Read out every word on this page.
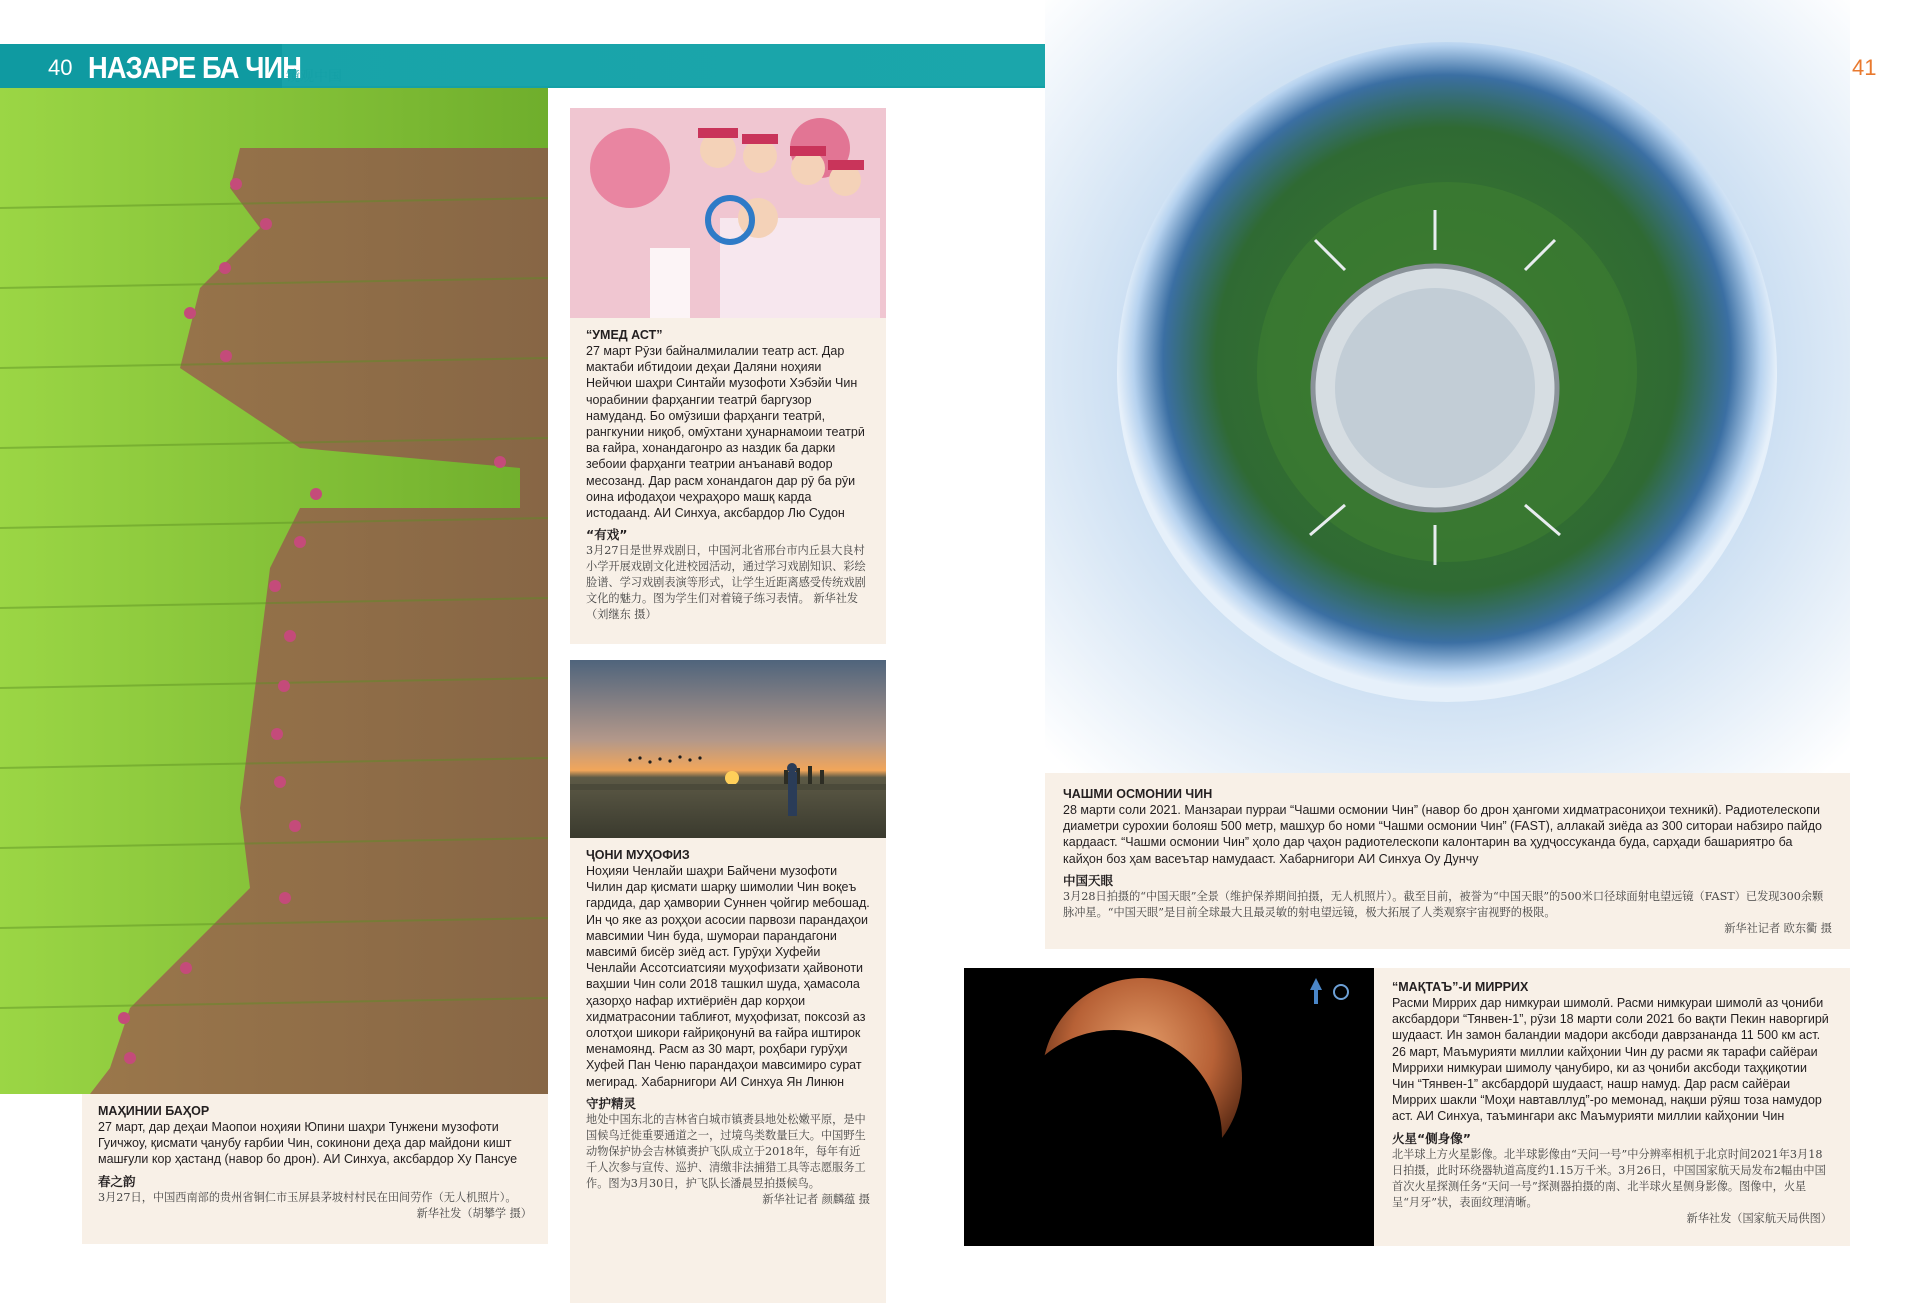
40 НАЗАРЕ БА ЧИН
镜观中国	41
МАҲИНИИ БАҲОР
27 март, дар деҳаи Маопои ноҳияи Юпини шаҳри Тунжени музофоти Гуичжоу, қисмати ҷанубу ғарбии Чин, сокинони деҳа дар майдони кишт машғули кор ҳастанд (навор бо дрон). АИ Синхуа, аксбардор Ху Пансуе
春之韵
3月27日，中国西南部的贵州省铜仁市玉屏县茅坡村村民在田间劳作（无人机照片）。
新华社发（胡攀学 摄）
“УМЕД АСТ”
27 март Рӯзи байналмилалии театр аст. Дар мактаби ибтидоии деҳаи Даляни ноҳияи Нейчюи шаҳри Синтайи музофоти Хэбэйи Чин чорабинии фарҳангии театрӣ баргузор намуданд. Бо омӯзиши фарҳанги театрӣ, рангкунии ниқоб, омӯхтани ҳунарнамоии театрӣ ва ғайра, хонандагонро аз наздик ба дарки зебоии фарҳанги театрии анъанавӣ водор месозанд. Дар расм хонандагон дар рӯ ба рӯи оина ифодаҳои чеҳраҳоро машқ карда истодаанд. АИ Синхуа, аксбардор Лю Судон
“有戏”
3月27日是世界戏剧日，中国河北省邢台市内丘县大良村小学开展戏剧文化进校园活动，通过学习戏剧知识、彩绘脸谱、学习戏剧表演等形式，让学生近距离感受传统戏剧文化的魅力。图为学生们对着镜子练习表情。 新华社发（刘继东 摄）
ҶОНИ МУҲОФИЗ
Ноҳияи Ченлайи шаҳри Байчени музофоти Чилин дар қисмати шарқу шимолии Чин воқеъ гардида, дар ҳамвории Суннен ҷойгир мебошад. Ин ҷо яке аз роҳҳои асосии парвози парандаҳои мавсимии Чин буда, шумораи парандагони мавсимӣ бисёр зиёд аст. Гурӯҳи Хуфейи Ченлайи Ассотсиатсияи муҳофизати ҳайвоноти ваҳшии Чин соли 2018 ташкил шуда, ҳамасола ҳазорҳо нафар ихтиёриён дар корҳои хидматрасонии таблиғот, муҳофизат, поксозӣ аз олотҳои шикори ғайриқонунӣ ва ғайра иштирок менамоянд. Расм аз 30 март, роҳбари гурӯҳи Хуфей Пан Ченю парандаҳои мавсимиро сурат мегирад. Хабарнигори АИ Синхуа Ян Линюн
守护精灵
地处中国东北的吉林省白城市镇赉县地处松嫩平原，是中国候鸟迁徙重要通道之一，过境鸟类数量巨大。中国野生动物保护协会吉林镇赉护飞队成立于2018年，每年有近千人次参与宣传、巡护、清缴非法捕猎工具等志愿服务工作。图为3月30日，护飞队长潘晨昱拍摄候鸟。
新华社记者 颜麟蕴 摄
ЧАШМИ ОСМОНИИ ЧИН
28 марти соли 2021. Манзараи пурраи “Чашми осмонии Чин” (навор бо дрон ҳангоми хидматрасониҳои техникӣ). Радиотелескопи диаметри сурохии болояш 500 метр, машҳур бо номи “Чашми осмонии Чин” (FAST), аллакай зиёда аз 300 ситораи набзиро пайдо кардааст. “Чашми осмонии Чин” ҳоло дар ҷаҳон радиотелескопи калонтарин ва ҳудҷоссуканда буда, сарҳади башариятро ба кайҳон боз ҳам васеътар намудааст. Хабарнигори АИ Синхуа Оу Дунчу
中国天眼
3月28日拍摄的“中国天眼”全景（维护保养期间拍摄，无人机照片）。截至目前，被誉为“中国天眼”的500米口径球面射电望远镜（FAST）已发现300余颗脉冲星。“中国天眼”是目前全球最大且最灵敏的射电望远镜，极大拓展了人类观察宇宙视野的极限。
新华社记者 欧东衢 摄
“МАҚТАЪ”-И МИРРИХ
Расми Миррих дар нимкураи шимолӣ. Расми нимкураи шимолӣ аз ҷониби аксбардори “Тянвен-1”, рӯзи 18 марти соли 2021 бо вақти Пекин наворгирӣ шудааст. Ин замон баландии мадори аксбоди даврзананда 11 500 км аст. 26 март, Маъмурияти миллии кайҳонии Чин ду расми як тарафи сайёраи Миррихи нимкураи шимолу ҷанубиро, ки аз ҷониби аксбоди таҳқиқотии Чин “Тянвен-1” аксбардорӣ шудааст, нашр намуд. Дар расм сайёраи Миррих шакли “Моҳи навтавллуд”-ро мемонад, нақши рӯяш тоза намудор аст. АИ Синхуа, таъмингари акс Маъмурияти миллии кайҳонии Чин
火星“侧身像”
北半球上方火星影像。北半球影像由“天问一号”中分辨率相机于北京时间2021年3月18日拍摄，此时环绕器轨道高度约1.15万千米。3月26日，中国国家航天局发布2幅由中国首次火星探测任务“天问一号”探测器拍摄的南、北半球火星侧身影像。图像中，火星呈“月牙”状，表面纹理清晰。
新华社发（国家航天局供图）
